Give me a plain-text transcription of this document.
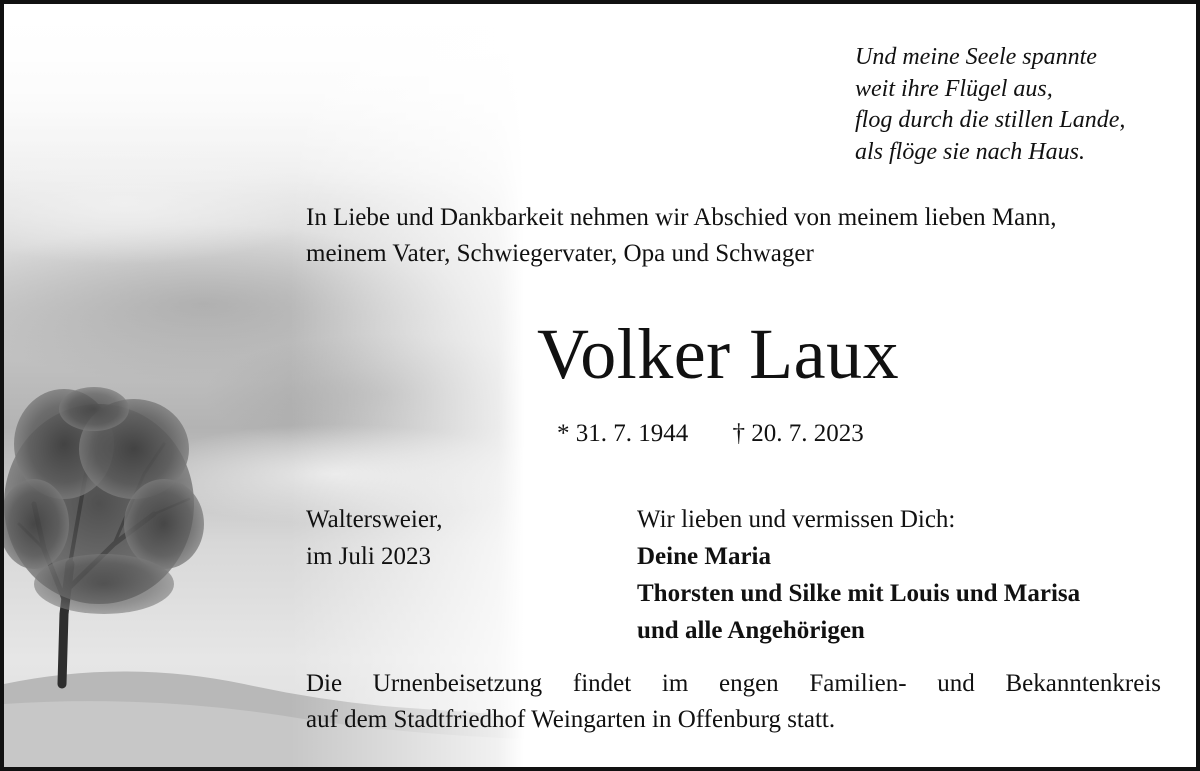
Und meine Seele spannte
weit ihre Flügel aus,
flog durch die stillen Lande,
als flöge sie nach Haus.
In Liebe und Dankbarkeit nehmen wir Abschied von meinem lieben Mann,
meinem Vater, Schwiegervater, Opa und Schwager
Volker Laux
* 31. 7. 1944 † 20. 7. 2023
Waltersweier,
im Juli 2023
Wir lieben und vermissen Dich:
Deine Maria
Thorsten und Silke mit Louis und Marisa
und alle Angehörigen
Die Urnenbeisetzung findet im engen Familien- und Bekanntenkreis
auf dem Stadtfriedhof Weingarten in Offenburg statt.
